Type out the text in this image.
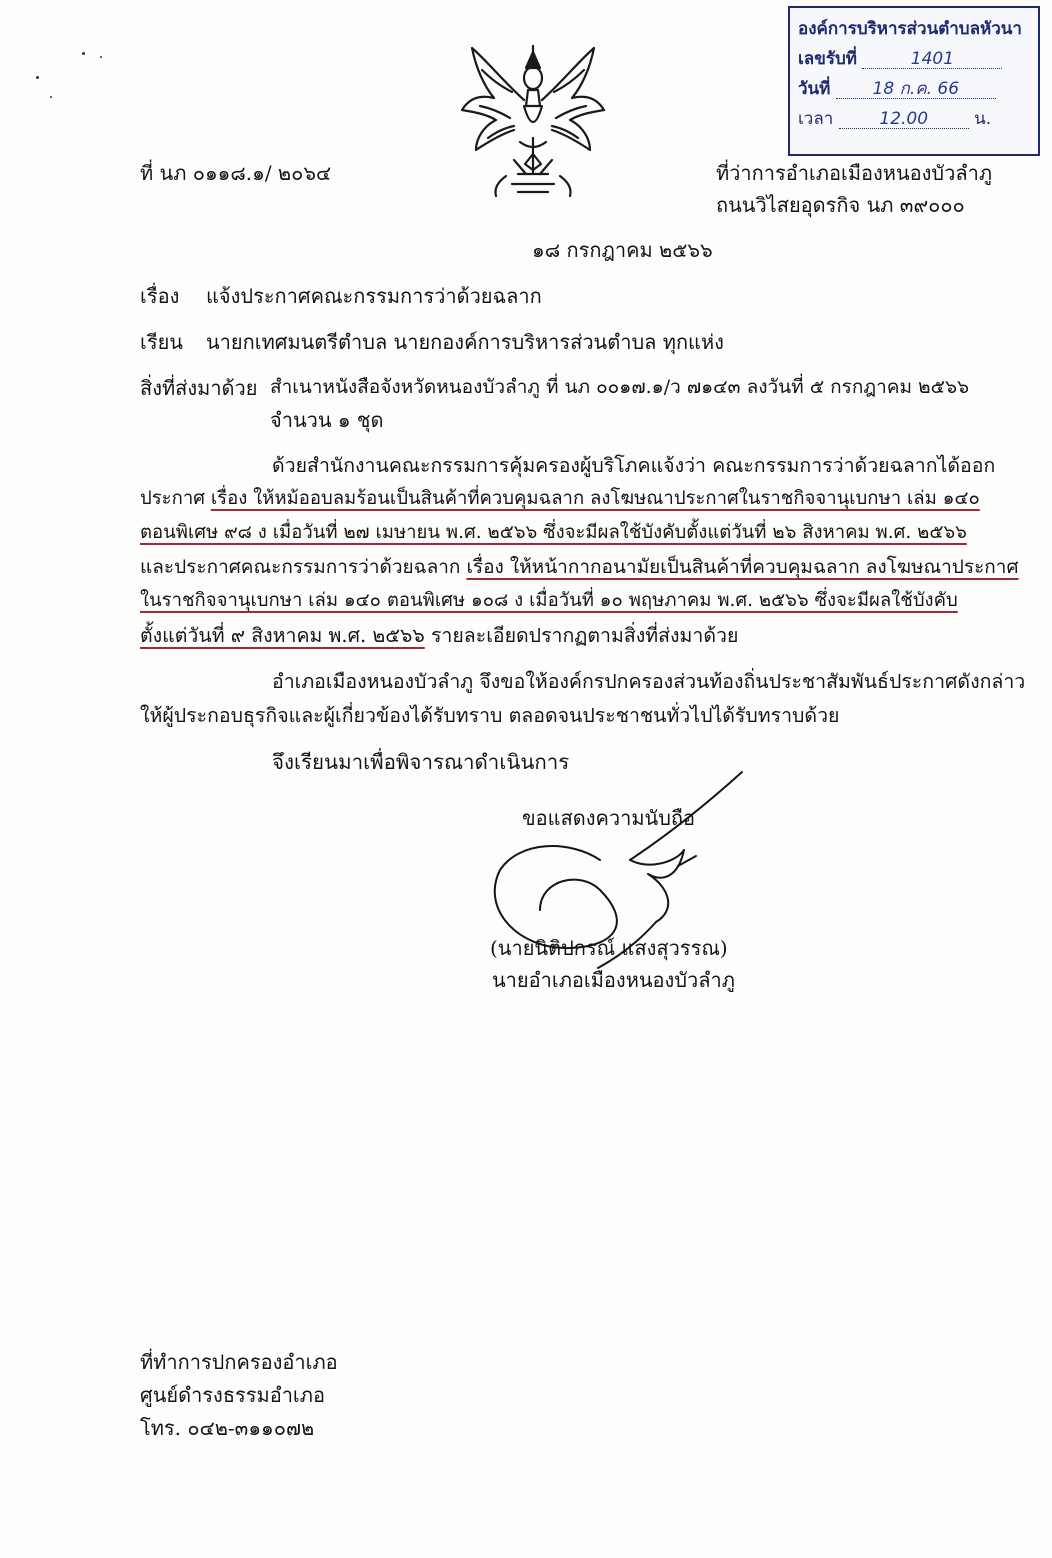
องค์การบริหารส่วนตำบลหัวนา
เลขรับที่	1401
วันที่ 18 ก.ค. 66
เวลา	12.00	น.
ที่ นภ ๐๑๑๘.๑/ ๒๐๖๔	ที่ว่าการอำเภอเมืองหนองบัวลำภู
ถนนวิไสยอุดรกิจ นภ ๓๙๐๐๐
๑๘ กรกฎาคม ๒๕๖๖
เรื่อง แจ้งประกาศคณะกรรมการว่าด้วยฉลาก
เรียน นายกเทศมนตรีตำบล นายกองค์การบริหารส่วนตำบล ทุกแห่ง
สิ่งที่ส่งมาด้วย สำเนาหนังสือจังหวัดหนองบัวลำภู ที่ นภ ๐๐๑๗.๑/ว ๗๑๔๓ ลงวันที่ ๕ กรกฎาคม ๒๕๖๖
จำนวน ๑ ชุด
ด้วยสำนักงานคณะกรรมการคุ้มครองผู้บริโภคแจ้งว่า คณะกรรมการว่าด้วยฉลากได้ออก
ประกาศ เรื่อง ให้หม้ออบลมร้อนเป็นสินค้าที่ควบคุมฉลาก ลงโฆษณาประกาศในราชกิจจานุเบกษา เล่ม ๑๔๐
ตอนพิเศษ ๙๘ ง เมื่อวันที่ ๒๗ เมษายน พ.ศ. ๒๕๖๖ ซึ่งจะมีผลใช้บังคับตั้งแต่วันที่ ๒๖ สิงหาคม พ.ศ. ๒๕๖๖
และประกาศคณะกรรมการว่าด้วยฉลาก เรื่อง ให้หน้ากากอนามัยเป็นสินค้าที่ควบคุมฉลาก ลงโฆษณาประกาศ
ในราชกิจจานุเบกษา เล่ม ๑๔๐ ตอนพิเศษ ๑๐๘ ง เมื่อวันที่ ๑๐ พฤษภาคม พ.ศ. ๒๕๖๖ ซึ่งจะมีผลใช้บังคับ
ตั้งแต่วันที่ ๙ สิงหาคม พ.ศ. ๒๕๖๖ รายละเอียดปรากฏตามสิ่งที่ส่งมาด้วย
อำเภอเมืองหนองบัวลำภู จึงขอให้องค์กรปกครองส่วนท้องถิ่นประชาสัมพันธ์ประกาศดังกล่าว
ให้ผู้ประกอบธุรกิจและผู้เกี่ยวข้องได้รับทราบ ตลอดจนประชาชนทั่วไปได้รับทราบด้วย
จึงเรียนมาเพื่อพิจารณาดำเนินการ
ขอแสดงความนับถือ
(นายนิติปกรณ์ แสงสุวรรณ)
นายอำเภอเมืองหนองบัวลำภู
ที่ทำการปกครองอำเภอ
ศูนย์ดำรงธรรมอำเภอ
โทร. ๐๔๒-๓๑๑๐๗๒
